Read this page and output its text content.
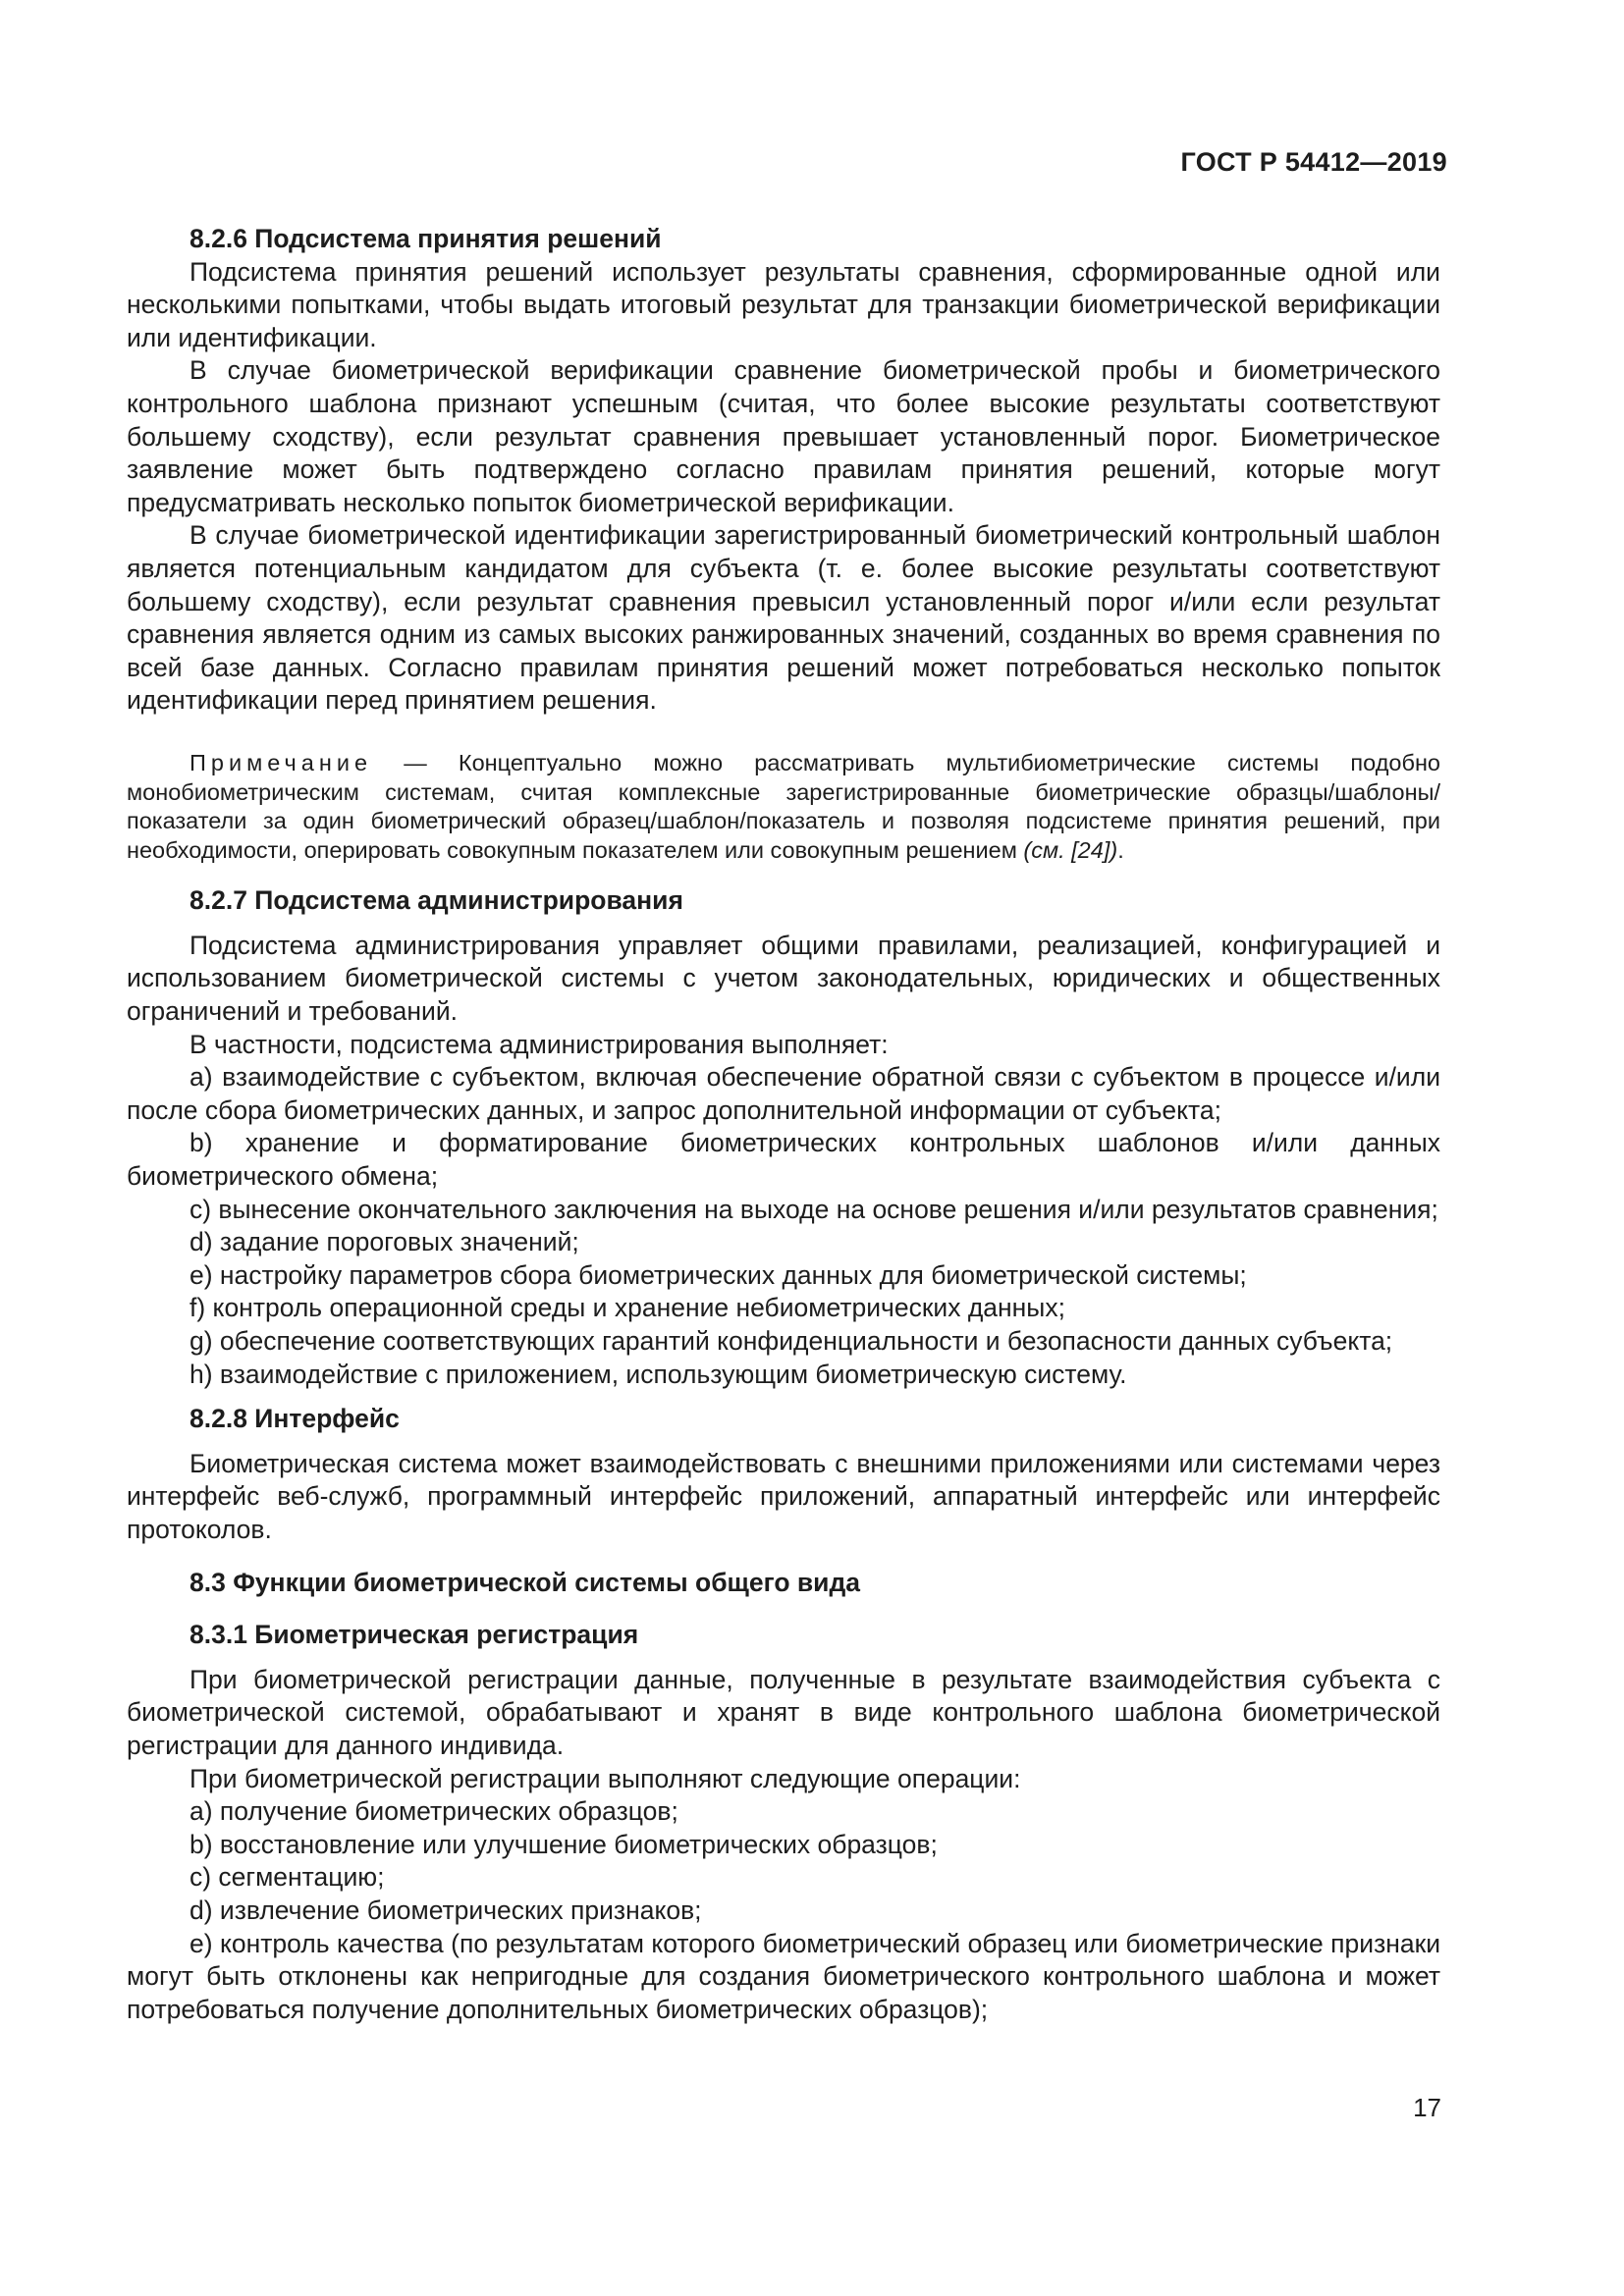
ГОСТ Р 54412—2019
8.2.6 Подсистема принятия решений

Подсистема принятия решений использует результаты сравнения, сформированные одной или несколькими попытками, чтобы выдать итоговый результат для транзакции биометрической верификации или идентификации.

В случае биометрической верификации сравнение биометрической пробы и биометрического контрольного шаблона признают успешным (считая, что более высокие результаты соответствуют большему сходству), если результат сравнения превышает установленный порог. Биометрическое заявление может быть подтверждено согласно правилам принятия решений, которые могут предусматривать несколько попыток биометрической верификации.

В случае биометрической идентификации зарегистрированный биометрический контрольный шаблон является потенциальным кандидатом для субъекта (т. е. более высокие результаты соответствуют большему сходству), если результат сравнения превысил установленный порог и/или если результат сравнения является одним из самых высоких ранжированных значений, созданных во время сравнения по всей базе данных. Согласно правилам принятия решений может потребоваться несколько попыток идентификации перед принятием решения.

Примечание — Концептуально можно рассматривать мультибиометрические системы подобно монобиометрическим системам, считая комплексные зарегистрированные биометрические образцы/шаблоны/показатели за один биометрический образец/шаблон/показатель и позволяя подсистеме принятия решений, при необходимости, оперировать совокупным показателем или совокупным решением (см. [24]).

8.2.7 Подсистема администрирования

Подсистема администрирования управляет общими правилами, реализацией, конфигурацией и использованием биометрической системы с учетом законодательных, юридических и общественных ограничений и требований.

В частности, подсистема администрирования выполняет:

a) взаимодействие с субъектом, включая обеспечение обратной связи с субъектом в процессе и/или после сбора биометрических данных, и запрос дополнительной информации от субъекта;

b) хранение и форматирование биометрических контрольных шаблонов и/или данных биометрического обмена;

c) вынесение окончательного заключения на выходе на основе решения и/или результатов сравнения;

d) задание пороговых значений;

e) настройку параметров сбора биометрических данных для биометрической системы;

f) контроль операционной среды и хранение небиометрических данных;

g) обеспечение соответствующих гарантий конфиденциальности и безопасности данных субъекта;

h) взаимодействие с приложением, использующим биометрическую систему.

8.2.8 Интерфейс

Биометрическая система может взаимодействовать с внешними приложениями или системами через интерфейс веб-служб, программный интерфейс приложений, аппаратный интерфейс или интерфейс протоколов.

8.3 Функции биометрической системы общего вида
8.3.1 Биометрическая регистрация

При биометрической регистрации данные, полученные в результате взаимодействия субъекта с биометрической системой, обрабатывают и хранят в виде контрольного шаблона биометрической регистрации для данного индивида.

При биометрической регистрации выполняют следующие операции:

a) получение биометрических образцов;

b) восстановление или улучшение биометрических образцов;

c) сегментацию;

d) извлечение биометрических признаков;

e) контроль качества (по результатам которого биометрический образец или биометрические признаки могут быть отклонены как непригодные для создания биометрического контрольного шаблона и может потребоваться получение дополнительных биометрических образцов);

17
